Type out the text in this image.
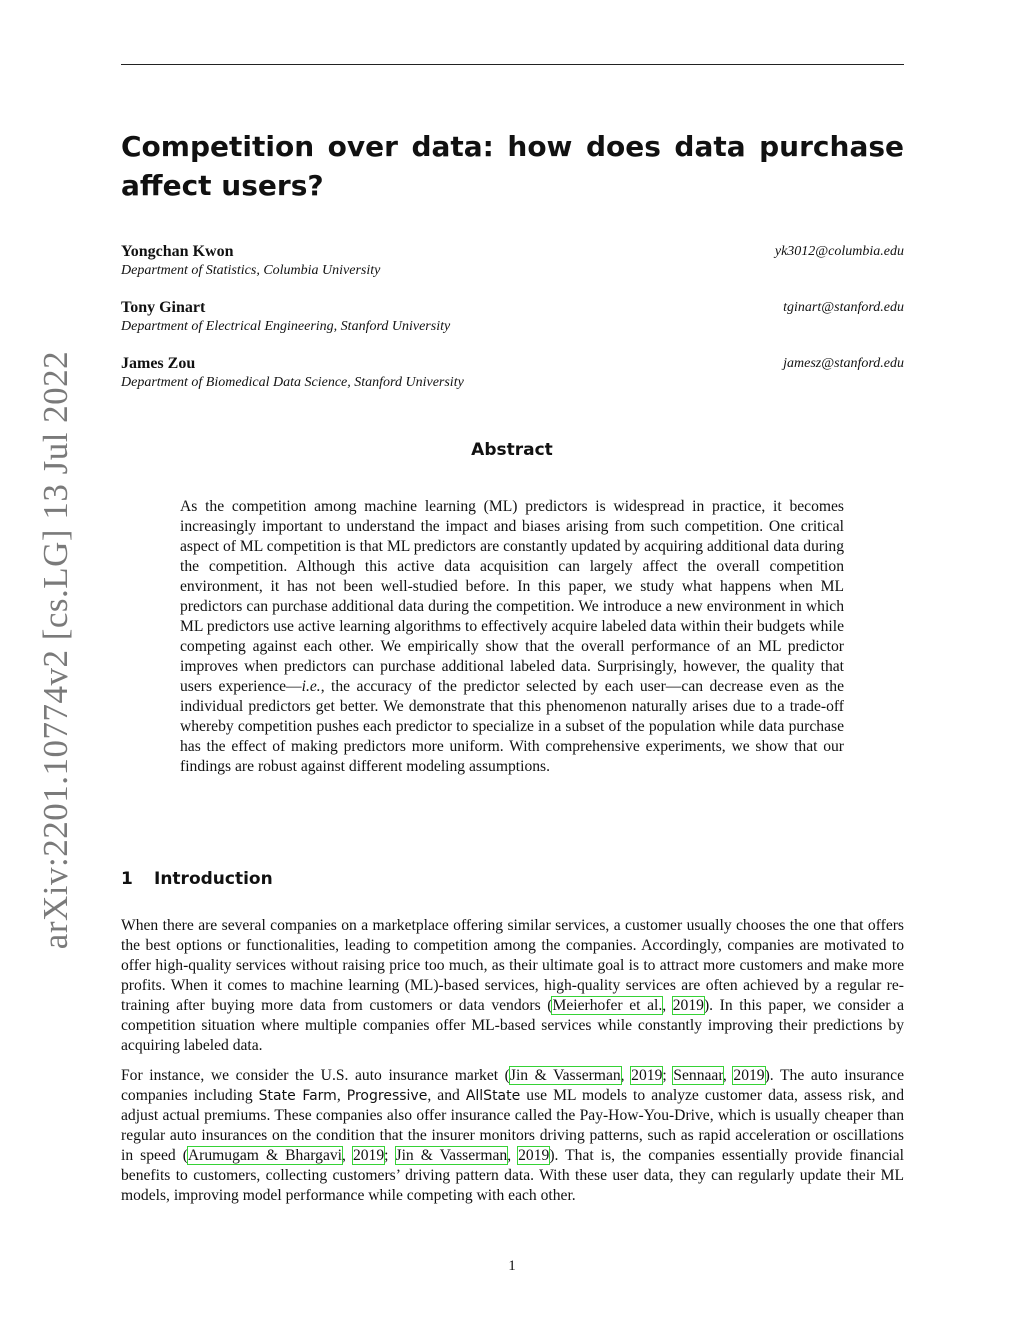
arXiv:2201.10774v2 [cs.LG] 13 Jul 2022
Competition over data: how does data purchase affect users?
Yongchan Kwon	yk3012@columbia.edu
Department of Statistics, Columbia University
Tony Ginart	tginart@stanford.edu
Department of Electrical Engineering, Stanford University
James Zou	jamesz@stanford.edu
Department of Biomedical Data Science, Stanford University
Abstract

As the competition among machine learning (ML) predictors is widespread in practice, it becomes increasingly important to understand the impact and biases arising from such competition. One critical aspect of ML competition is that ML predictors are constantly updated by acquiring additional data during the competition. Although this active data acquisition can largely affect the overall competition environment, it has not been well-studied before. In this paper, we study what happens when ML predictors can purchase additional data during the competition. We introduce a new environment in which ML predictors use active learning algorithms to effectively acquire labeled data within their budgets while competing against each other. We empirically show that the overall performance of an ML predictor improves when predictors can purchase additional labeled data. Surprisingly, however, the quality that users experience—i.e., the accuracy of the predictor selected by each user—can decrease even as the individual predictors get better. We demonstrate that this phenomenon naturally arises due to a trade-off whereby competition pushes each predictor to specialize in a subset of the population while data purchase has the effect of making predictors more uniform. With comprehensive experiments, we show that our findings are robust against different modeling assumptions.

1 Introduction

When there are several companies on a marketplace offering similar services, a customer usually chooses the one that offers the best options or functionalities, leading to competition among the companies. Accordingly, companies are motivated to offer high-quality services without raising price too much, as their ultimate goal is to attract more customers and make more profits. When it comes to machine learning (ML)-based services, high-quality services are often achieved by a regular re-training after buying more data from customers or data vendors (Meierhofer et al., 2019). In this paper, we consider a competition situation where multiple companies offer ML-based services while constantly improving their predictions by acquiring labeled data.

For instance, we consider the U.S. auto insurance market (Jin & Vasserman, 2019; Sennaar, 2019). The auto insurance companies including State Farm, Progressive, and AllState use ML models to analyze customer data, assess risk, and adjust actual premiums. These companies also offer insurance called the Pay-How-You-Drive, which is usually cheaper than regular auto insurances on the condition that the insurer monitors driving patterns, such as rapid acceleration or oscillations in speed (Arumugam & Bhargavi, 2019; Jin & Vasserman, 2019). That is, the companies essentially provide financial benefits to customers, collecting customers’ driving pattern data. With these user data, they can regularly update their ML models, improving model performance while competing with each other.

1
